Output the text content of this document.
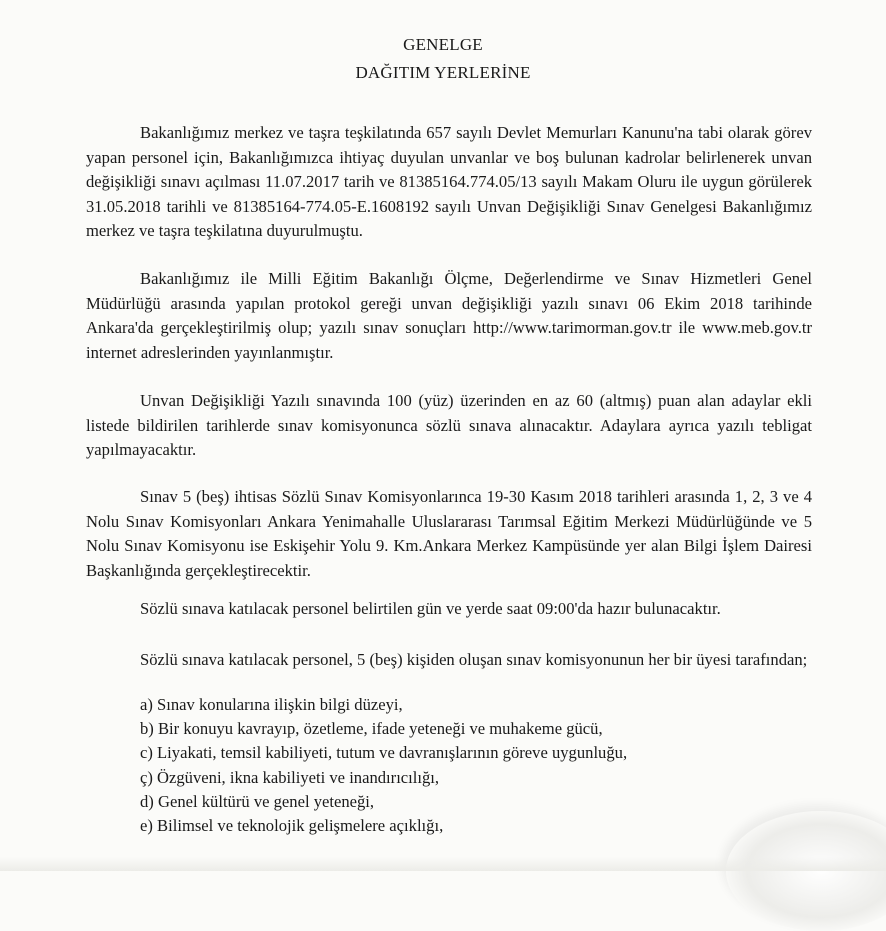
GENELGE
DAĞITIM YERLERİNE

Bakanlığımız merkez ve taşra teşkilatında 657 sayılı Devlet Memurları Kanunu'na tabi olarak görev yapan personel için, Bakanlığımızca ihtiyaç duyulan unvanlar ve boş bulunan kadrolar belirlenerek unvan değişikliği sınavı açılması 11.07.2017 tarih ve 81385164.774.05/13 sayılı Makam Oluru ile uygun görülerek 31.05.2018 tarihli ve 81385164-774.05-E.1608192 sayılı Unvan Değişikliği Sınav Genelgesi Bakanlığımız merkez ve taşra teşkilatına duyurulmuştu.

Bakanlığımız ile Milli Eğitim Bakanlığı Ölçme, Değerlendirme ve Sınav Hizmetleri Genel Müdürlüğü arasında yapılan protokol gereği unvan değişikliği yazılı sınavı 06 Ekim 2018 tarihinde Ankara'da gerçekleştirilmiş olup; yazılı sınav sonuçları http://www.tarimorman.gov.tr ile www.meb.gov.tr internet adreslerinden yayınlanmıştır.

Unvan Değişikliği Yazılı sınavında 100 (yüz) üzerinden en az 60 (altmış) puan alan adaylar ekli listede bildirilen tarihlerde sınav komisyonunca sözlü sınava alınacaktır. Adaylara ayrıca yazılı tebligat yapılmayacaktır.

Sınav 5 (beş) ihtisas Sözlü Sınav Komisyonlarınca 19-30 Kasım 2018 tarihleri arasında 1, 2, 3 ve 4 Nolu Sınav Komisyonları Ankara Yenimahalle Uluslararası Tarımsal Eğitim Merkezi Müdürlüğünde ve 5 Nolu Sınav Komisyonu ise Eskişehir Yolu 9. Km.Ankara Merkez Kampüsünde yer alan Bilgi İşlem Dairesi Başkanlığında gerçekleştirecektir.

Sözlü sınava katılacak personel belirtilen gün ve yerde saat 09:00'da hazır bulunacaktır.

Sözlü sınava katılacak personel, 5 (beş) kişiden oluşan sınav komisyonunun her bir üyesi tarafından;

a) Sınav konularına ilişkin bilgi düzeyi,
b) Bir konuyu kavrayıp, özetleme, ifade yeteneği ve muhakeme gücü,
c) Liyakati, temsil kabiliyeti, tutum ve davranışlarının göreve uygunluğu,
ç) Özgüveni, ikna kabiliyeti ve inandırıcılığı,
d) Genel kültürü ve genel yeteneği,
e) Bilimsel ve teknolojik gelişmelere açıklığı,
